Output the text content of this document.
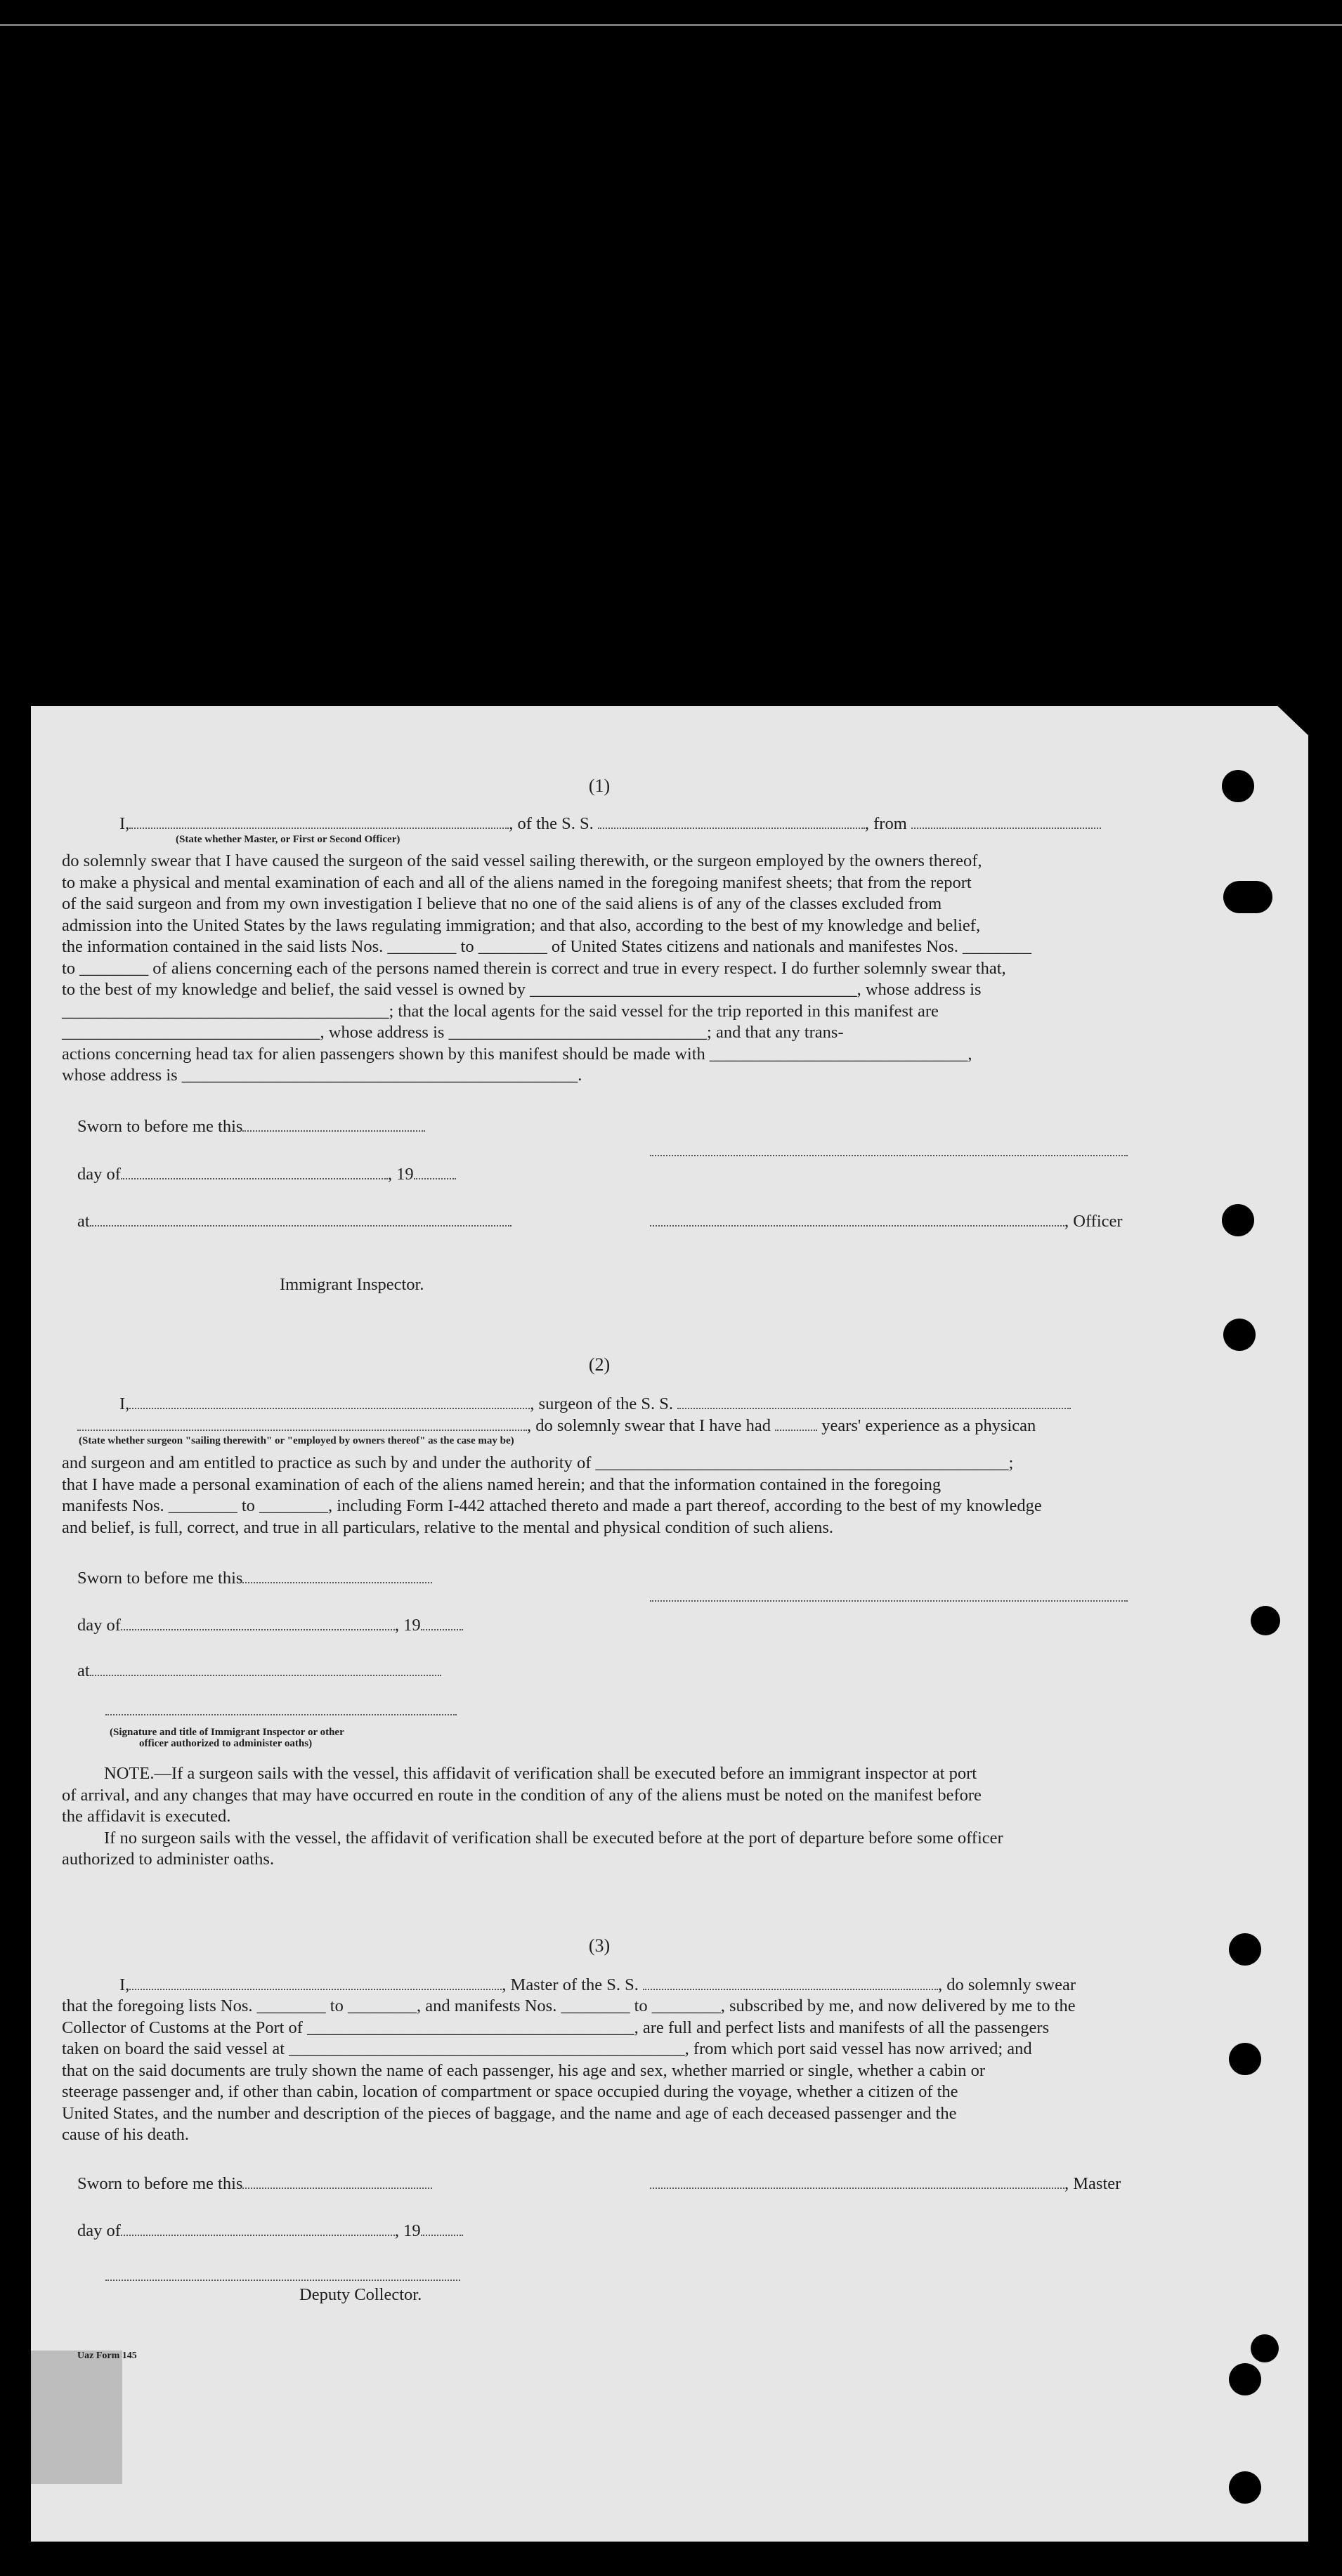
(1)
I,	, of the S. S.	, from
(State whether Master, or First or Second Officer)

do solemnly swear that I have caused the surgeon of the said vessel sailing therewith, or the surgeon employed by the owners thereof,

to make a physical and mental examination of each and all of the aliens named in the foregoing manifest sheets; that from the report

of the said surgeon and from my own investigation I believe that no one of the said aliens is of any of the classes excluded from

admission into the United States by the laws regulating immigration; and that also, according to the best of my knowledge and belief,

the information contained in the said lists Nos. ________ to ________ of United States citizens and nationals and manifestes Nos. ________

to ________ of aliens concerning each of the persons named therein is correct and true in every respect. I do further solemnly swear that,

to the best of my knowledge and belief, the said vessel is owned by ______________________________________, whose address is

______________________________________; that the local agents for the said vessel for the trip reported in this manifest are

______________________________, whose address is ______________________________; and that any trans-

actions concerning head tax for alien passengers shown by this manifest should be made with ______________________________,

whose address is ______________________________________________.

Sworn to before me this
day of	, 19
at	, Officer
Immigrant Inspector.
(2)
I,	, surgeon of the S. S.
, do solemnly swear that I have had	years' experience as a physican
(State whether surgeon "sailing therewith" or "employed by owners thereof" as the case may be)

and surgeon and am entitled to practice as such by and under the authority of ________________________________________________;

that I have made a personal examination of each of the aliens named herein; and that the information contained in the foregoing

manifests Nos. ________ to ________, including Form I-442 attached thereto and made a part thereof, according to the best of my knowledge

and belief, is full, correct, and true in all particulars, relative to the mental and physical condition of such aliens.

Sworn to before me this
day of	, 19
at
(Signature and title of Immigrant Inspector or other
officer authorized to administer oaths)

NOTE.—If a surgeon sails with the vessel, this affidavit of verification shall be executed before an immigrant inspector at port

of arrival, and any changes that may have occurred en route in the condition of any of the aliens must be noted on the manifest before

the affidavit is executed.

If no surgeon sails with the vessel, the affidavit of verification shall be executed before at the port of departure before some officer

authorized to administer oaths.

(3)
I,	, Master of the S. S.	, do solemnly swear

that the foregoing lists Nos. ________ to ________, and manifests Nos. ________ to ________, subscribed by me, and now delivered by me to the

Collector of Customs at the Port of ______________________________________, are full and perfect lists and manifests of all the passengers

taken on board the said vessel at ______________________________________________, from which port said vessel has now arrived; and

that on the said documents are truly shown the name of each passenger, his age and sex, whether married or single, whether a cabin or

steerage passenger and, if other than cabin, location of compartment or space occupied during the voyage, whether a citizen of the

United States, and the number and description of the pieces of baggage, and the name and age of each deceased passenger and the

cause of his death.

Sworn to before me this	, Master
day of	, 19
Deputy Collector.
Uaz Form 145
